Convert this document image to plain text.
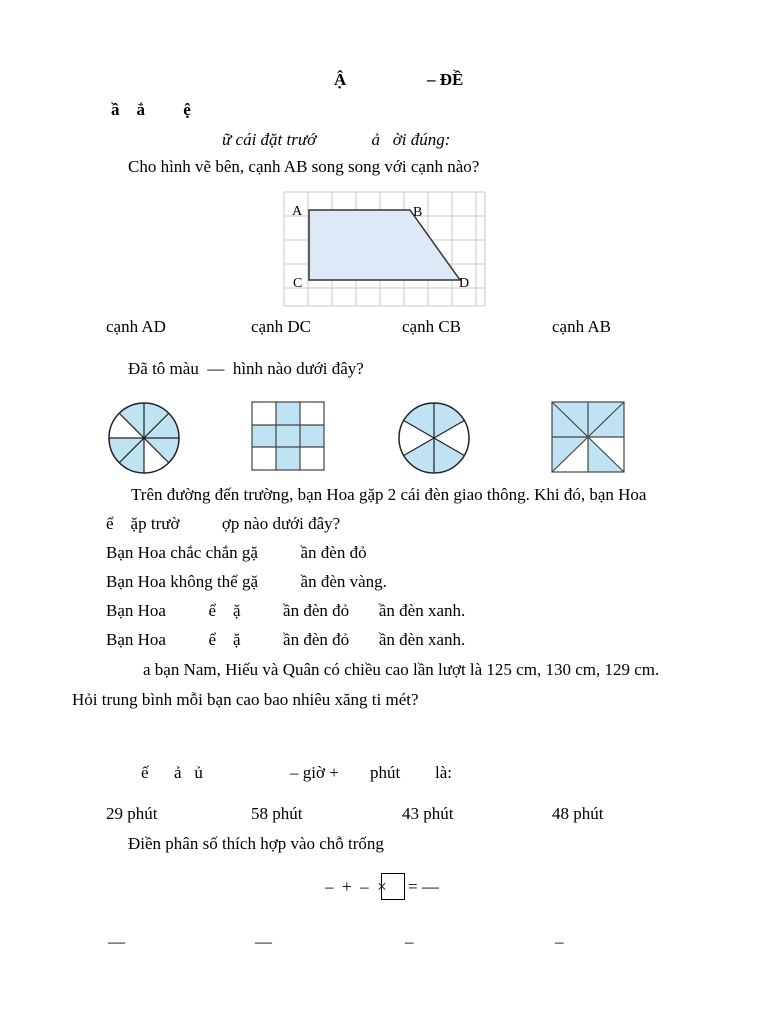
Ậ	– ĐỀ
ầ    ắ         ệ
ữ cái đặt trướ             ả   ời đúng:
Cho hình vẽ bên, cạnh AB song song với cạnh nào?
A	B
C	D
cạnh AD	cạnh DC	cạnh CB	cạnh AB
Đã tô màu  —  hình nào dưới đây?
Trên đường đến trường, bạn Hoa gặp 2 cái đèn giao thông. Khi đó, bạn Hoa
ể    ặp trườ          ợp nào dưới đây?
Bạn Hoa chắc chắn gặ          ần đèn đỏ
Bạn Hoa không thể gặ          ần đèn vàng.
Bạn Hoa          ể    ặ          ần đèn đỏ       ần đèn xanh.
Bạn Hoa          ể    ặ          ần đèn đỏ       ần đèn xanh.
a bạn Nam, Hiếu và Quân có chiều cao lần lượt là 125 cm, 130 cm, 129 cm.
Hỏi trung bình mỗi bạn cao bao nhiêu xăng ti mét?
ế      ả   ủ	– giờ + phút là:
29 phút	58 phút	43 phút	48 phút
Điền phân số thích hợp vào chỗ trống
–  +  –  × = —
—	—	–	–
